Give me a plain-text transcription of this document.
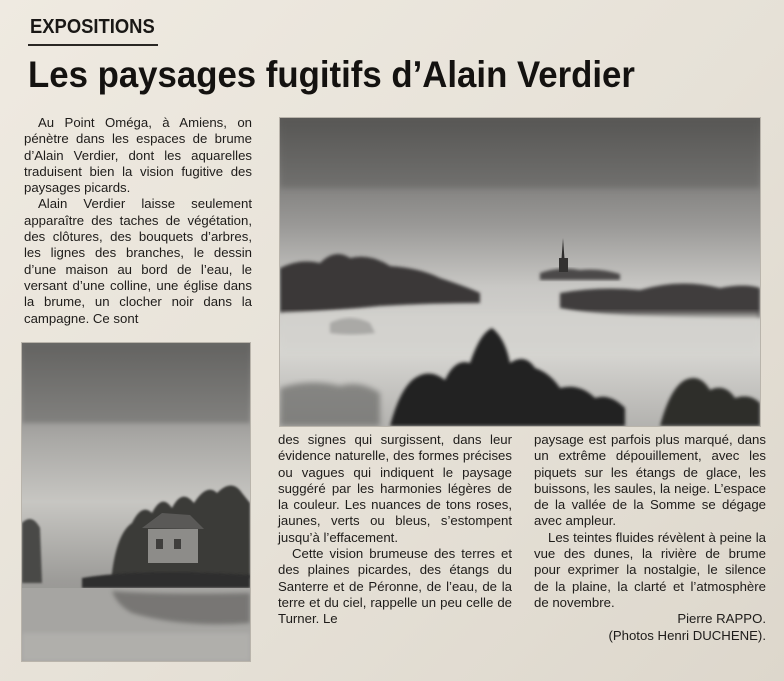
EXPOSITIONS
Les paysages fugitifs d’Alain Verdier

Au Point Oméga, à Amiens, on pénètre dans les espaces de brume d’Alain Verdier, dont les aquarelles traduisent bien la vision fugitive des paysages picards.

Alain Verdier laisse seulement apparaître des taches de végétation, des clôtures, des bouquets d’arbres, les lignes des branches, le dessin d’une maison au bord de l’eau, le versant d’une colline, une église dans la brume, un clocher noir dans la campagne. Ce sont

des signes qui surgissent, dans leur évidence naturelle, des formes précises ou vagues qui indiquent le paysage suggéré par les harmonies légères de la couleur. Les nuances de tons roses, jaunes, verts ou bleus, s’estompent jusqu’à l’effacement.

Cette vision brumeuse des terres et des plaines picardes, des étangs du Santerre et de Péronne, de l’eau, de la terre et du ciel, rappelle un peu celle de Turner. Le

paysage est parfois plus marqué, dans un extrême dépouillement, avec les piquets sur les étangs de glace, les buissons, les saules, la neige. L’espace de la vallée de la Somme se dégage avec ampleur.

Les teintes fluides révèlent à peine la vue des dunes, la rivière de brume pour exprimer la nostalgie, le silence de la plaine, la clarté et l’atmosphère de novembre.

Pierre RAPPO.

(Photos Henri DUCHENE).
